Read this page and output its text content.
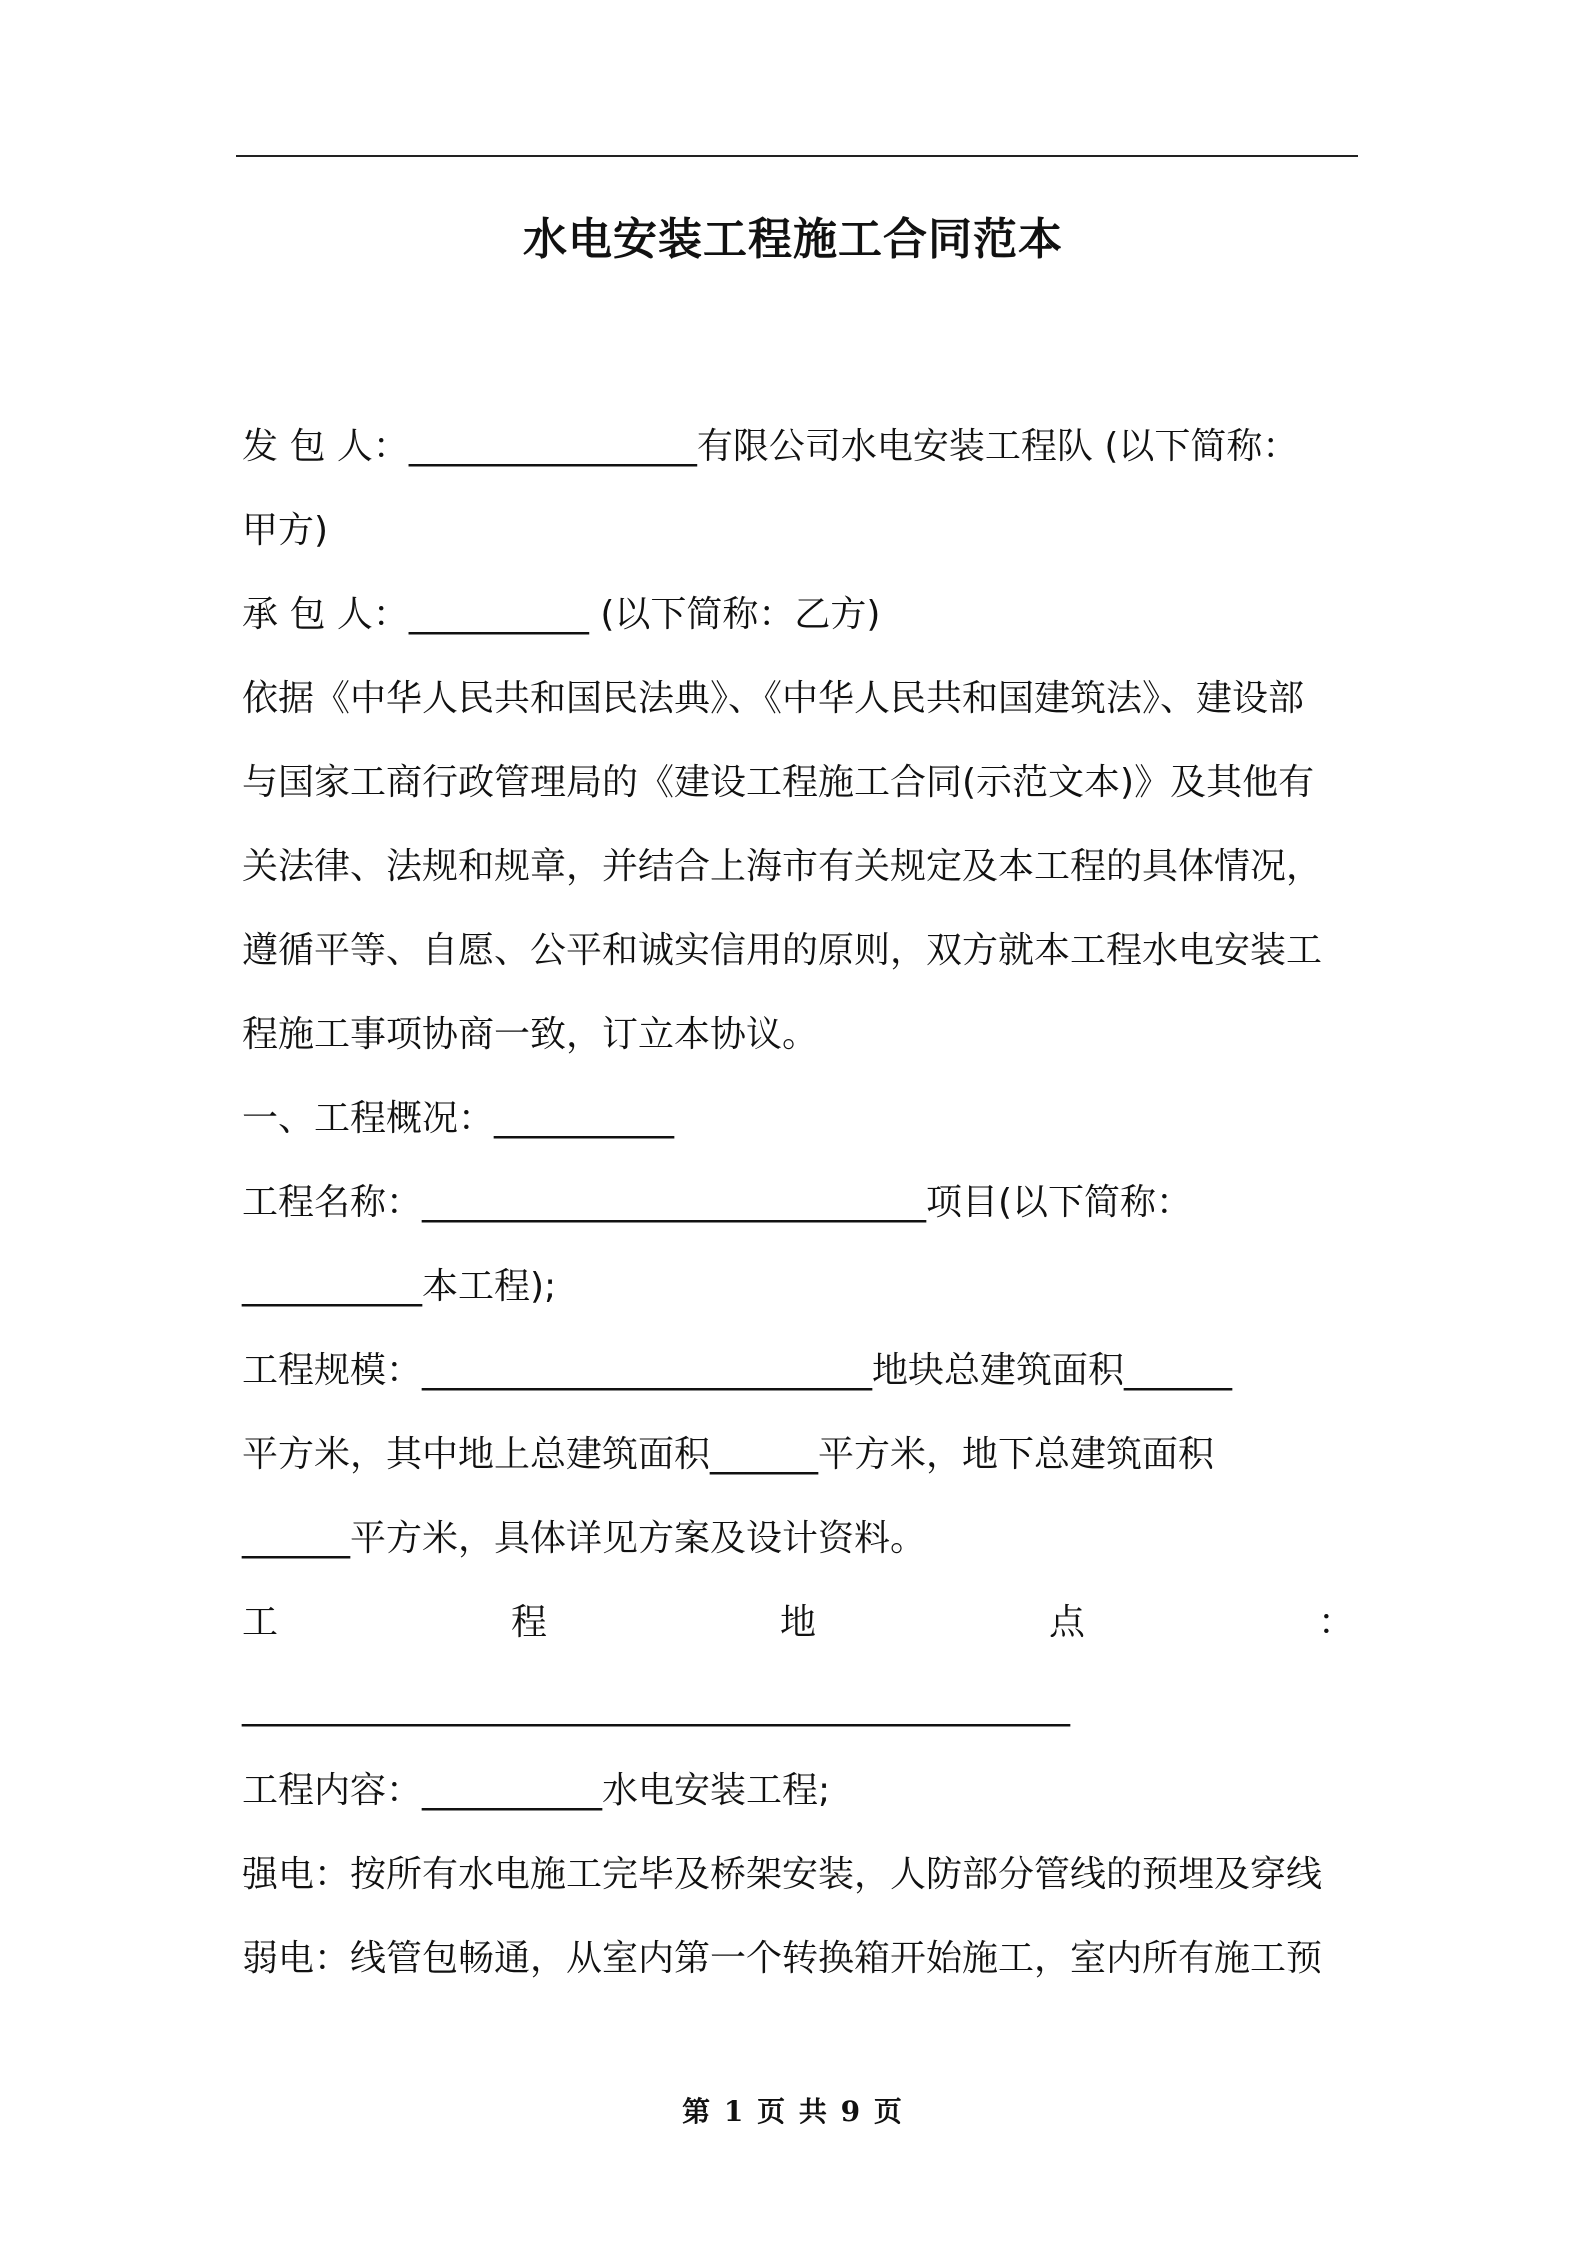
水电安装工程施工合同范本
发 包 人：________________有限公司水电安装工程队 (以下简称：
甲方)
承 包 人：__________ (以下简称：乙方)
依据《中华人民共和国民法典》、《中华人民共和国建筑法》、建设部
与国家工商行政管理局的《建设工程施工合同(示范文本)》及其他有
关法律、法规和规章，并结合上海市有关规定及本工程的具体情况，
遵循平等、自愿、公平和诚实信用的原则，双方就本工程水电安装工
程施工事项协商一致，订立本协议。
一、工程概况：__________
工程名称：____________________________项目(以下简称：
__________本工程);
工程规模：_________________________地块总建筑面积______
平方米，其中地上总建筑面积______平方米，地下总建筑面积
______平方米，具体详见方案及设计资料。
工	程	地	点	：
______________________________________________
工程内容：__________水电安装工程;
强电：按所有水电施工完毕及桥架安装，人防部分管线的预埋及穿线
弱电：线管包畅通，从室内第一个转换箱开始施工，室内所有施工预
第 1 页 共 9 页
